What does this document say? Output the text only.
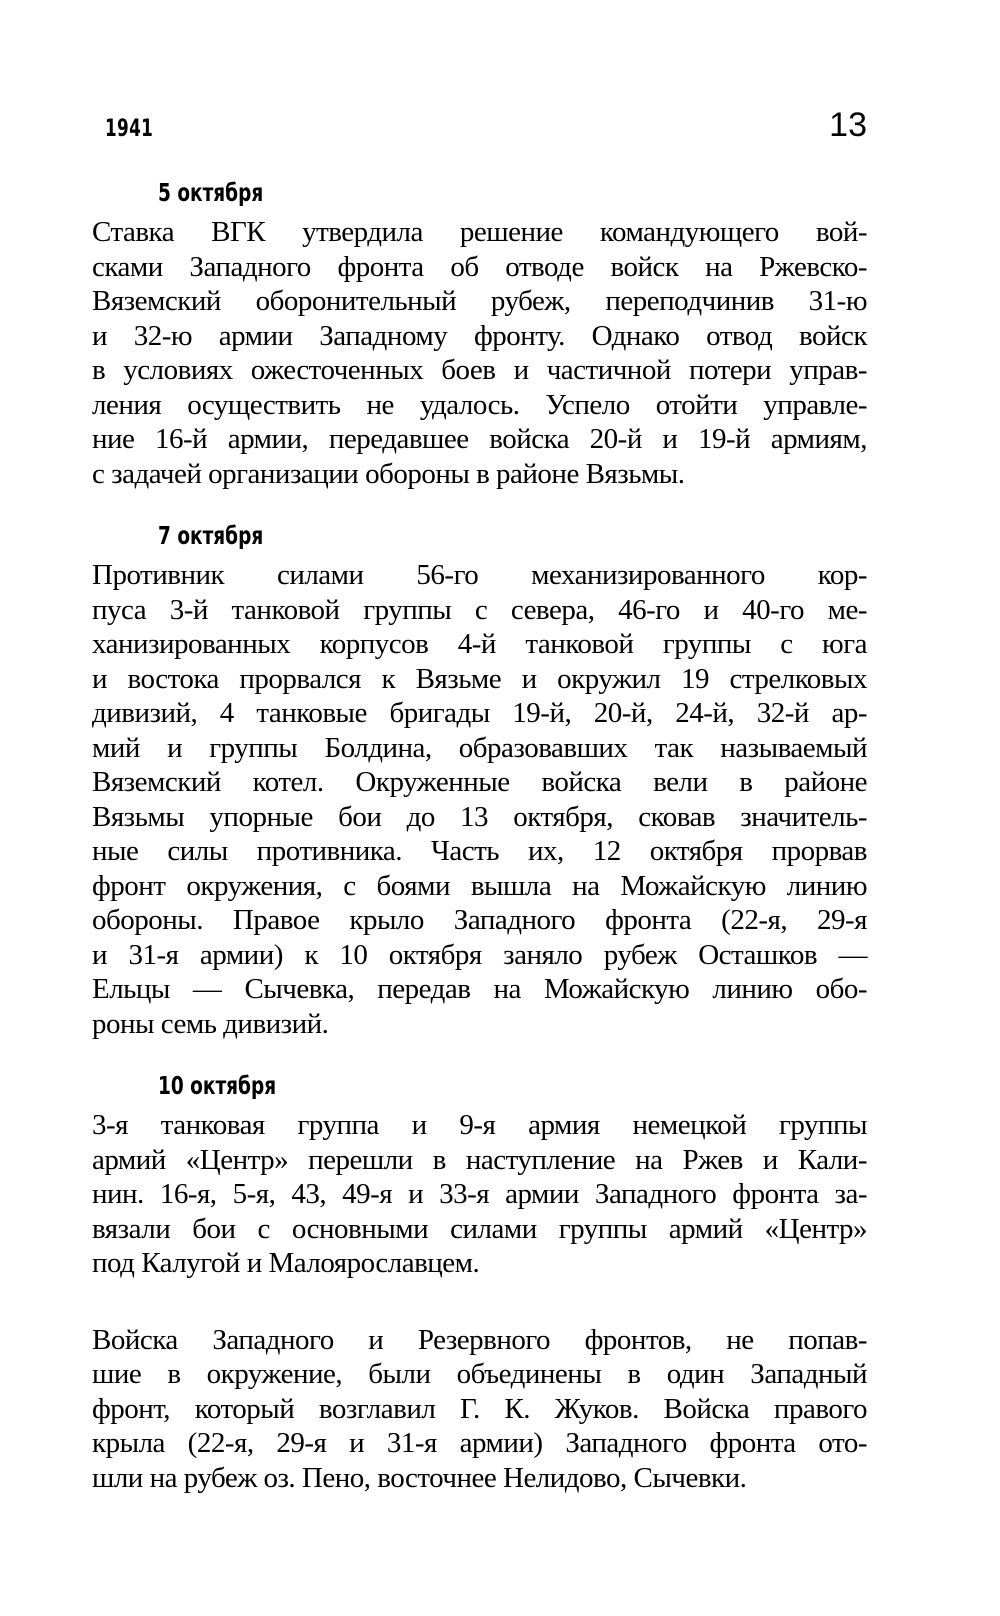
1941	13
5 октября
Ставка ВГК утвердила решение командующего вой-
сками Западного фронта об отводе войск на Ржевско-
Вяземский оборонительный рубеж, переподчинив 31-ю
и 32-ю армии Западному фронту. Однако отвод войск
в условиях ожесточенных боев и частичной потери управ-
ления осуществить не удалось. Успело отойти управле-
ние 16-й армии, передавшее войска 20-й и 19-й армиям,
с задачей организации обороны в районе Вязьмы.
7 октября
Противник силами 56-го механизированного кор-
пуса 3-й танковой группы с севера, 46-го и 40-го ме-
ханизированных корпусов 4-й танковой группы с юга
и востока прорвался к Вязьме и окружил 19 стрелковых
дивизий, 4 танковые бригады 19-й, 20-й, 24-й, 32-й ар-
мий и группы Болдина, образовавших так называемый
Вяземский котел. Окруженные войска вели в районе
Вязьмы упорные бои до 13 октября, сковав значитель-
ные силы противника. Часть их, 12 октября прорвав
фронт окружения, с боями вышла на Можайскую линию
обороны. Правое крыло Западного фронта (22-я, 29-я
и 31-я армии) к 10 октября заняло рубеж Осташков —
Ельцы — Сычевка, передав на Можайскую линию обо-
роны семь дивизий.
10 октября
3-я танковая группа и 9-я армия немецкой группы
армий «Центр» перешли в наступление на Ржев и Кали-
нин. 16-я, 5-я, 43, 49-я и 33-я армии Западного фронта за-
вязали бои с основными силами группы армий «Центр»
под Калугой и Малоярославцем.
Войска Западного и Резервного фронтов, не попав-
шие в окружение, были объединены в один Западный
фронт, который возглавил Г. К. Жуков. Войска правого
крыла (22-я, 29-я и 31-я армии) Западного фронта ото-
шли на рубеж оз. Пено, восточнее Нелидово, Сычевки.
